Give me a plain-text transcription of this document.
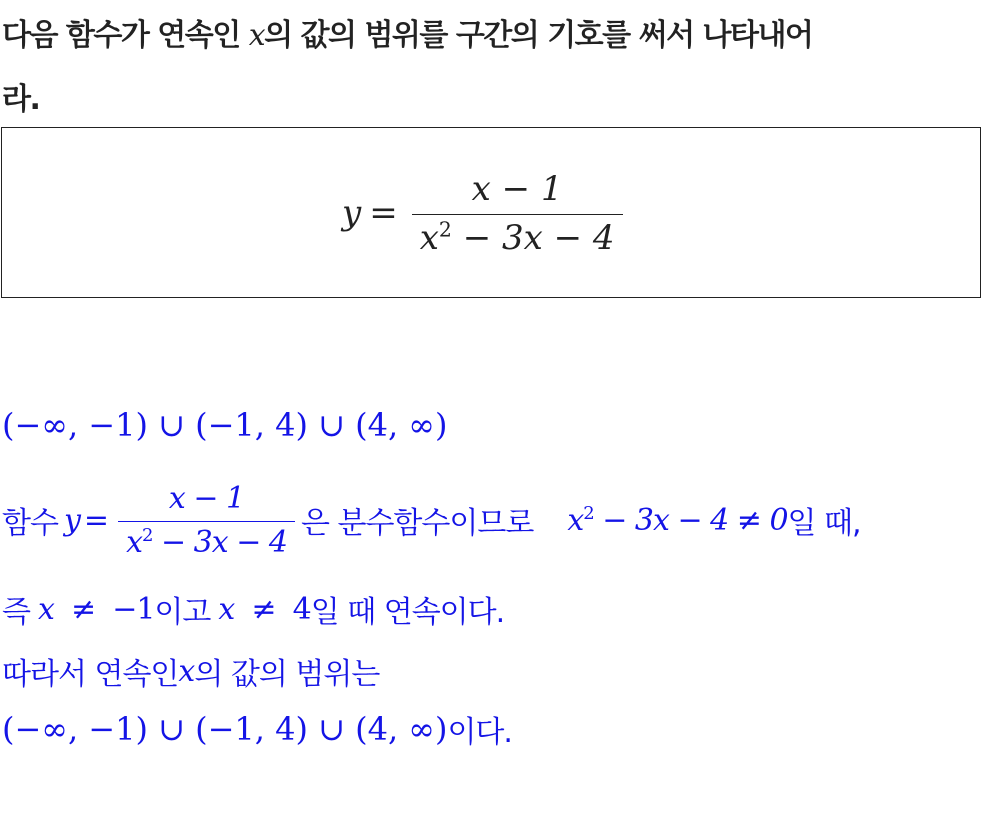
다음 함수가 연속인 x의 값의 범위를 구간의 기호를 써서 나타내어
라.
$y = \frac{x - 1}{x^2 - 3x - 4}$
(−∞, −1) ∪ (−1, 4) ∪ (4, ∞)
함수 $y = \frac{x - 1}{x^2 - 3x - 4}$ 은 분수함수이므로 $x^2 - 3x - 4 \ne 0$ 일 때,
즉 x ≠  −1 이고 x ≠  4 일 때 연속이다.
따라서 연속인 x 의 값의 범위는
(−∞, −1) ∪ (−1, 4) ∪ (4, ∞) 이다.
